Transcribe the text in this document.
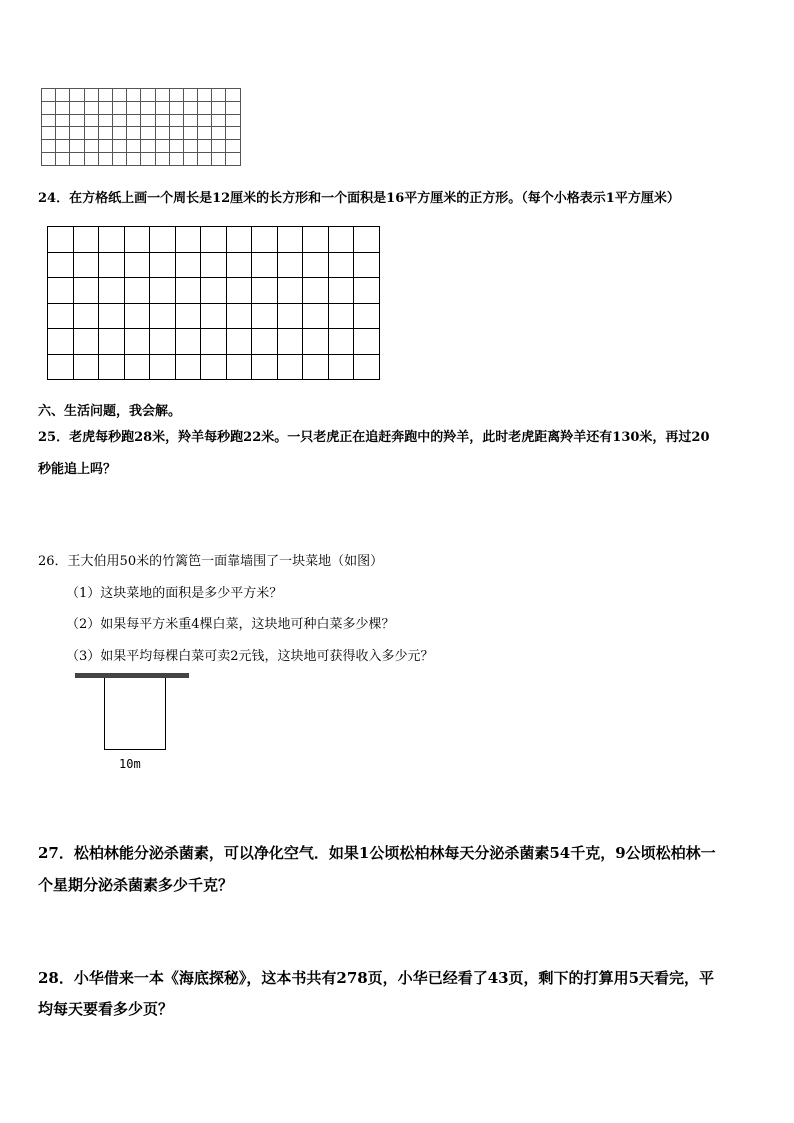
24．在方格纸上画一个周长是12厘米的长方形和一个面积是16平方厘米的正方形。（每个小格表示1平方厘米）

六、生活问题，我会解。
25．老虎每秒跑28米，羚羊每秒跑22米。一只老虎正在追赶奔跑中的羚羊，此时老虎距离羚羊还有130米，再过20
秒能追上吗？
26．王大伯用50米的竹篱笆一面靠墙围了一块菜地（如图）
（1）这块菜地的面积是多少平方米？
（2）如果每平方米重4棵白菜，这块地可种白菜多少棵？
（3）如果平均每棵白菜可卖2元钱，这块地可获得收入多少元？
10m
27．松柏林能分泌杀菌素，可以净化空气．如果1公顷松柏林每天分泌杀菌素54千克，9公顷松柏林一
个星期分泌杀菌素多少千克？
28．小华借来一本《海底探秘》，这本书共有278页，小华已经看了43页，剩下的打算用5天看完，平
均每天要看多少页？
